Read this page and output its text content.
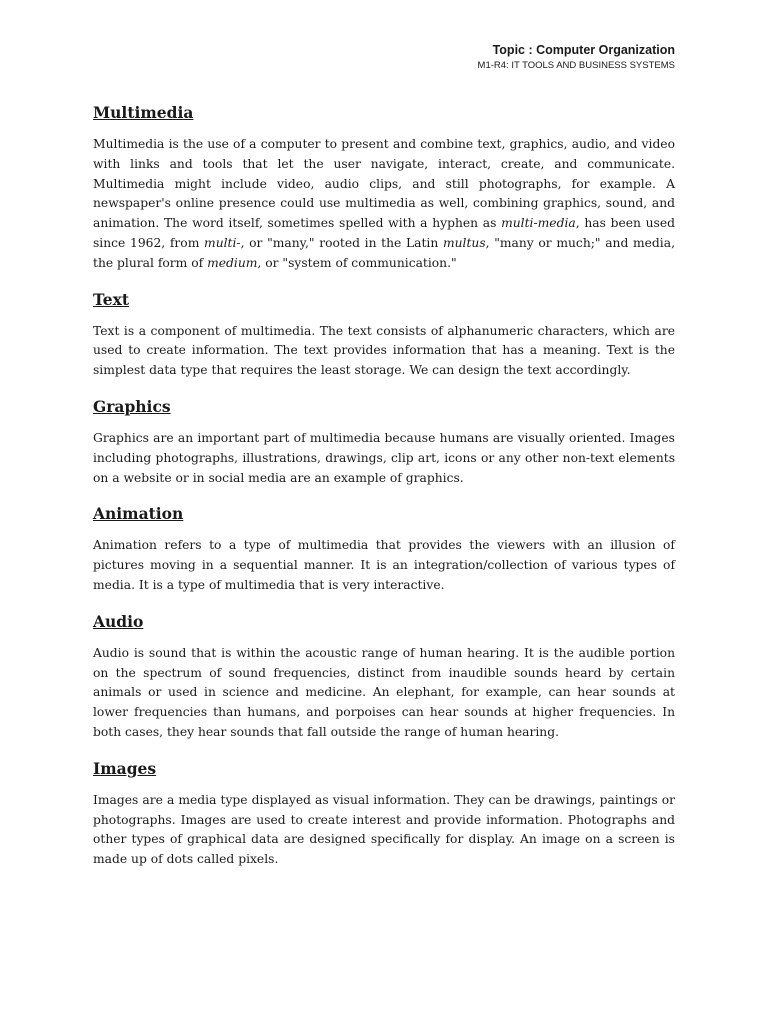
Topic : Computer Organization
M1-R4: IT TOOLS AND BUSINESS SYSTEMS
Multimedia

Multimedia is the use of a computer to present and combine text, graphics, audio, and video with links and tools that let the user navigate, interact, create, and communicate. Multimedia might include video, audio clips, and still photographs, for example. A newspaper's online presence could use multimedia as well, combining graphics, sound, and animation. The word itself, sometimes spelled with a hyphen as multi-media, has been used since 1962, from multi-, or "many," rooted in the Latin multus, "many or much;" and media, the plural form of medium, or "system of communication."

Text

Text is a component of multimedia. The text consists of alphanumeric characters, which are used to create information. The text provides information that has a meaning. Text is the simplest data type that requires the least storage. We can design the text accordingly.

Graphics

Graphics are an important part of multimedia because humans are visually oriented. Images including photographs, illustrations, drawings, clip art, icons or any other non-text elements on a website or in social media are an example of graphics.

Animation

Animation refers to a type of multimedia that provides the viewers with an illusion of pictures moving in a sequential manner. It is an integration/collection of various types of media. It is a type of multimedia that is very interactive.

Audio

Audio is sound that is within the acoustic range of human hearing. It is the audible portion on the spectrum of sound frequencies, distinct from inaudible sounds heard by certain animals or used in science and medicine. An elephant, for example, can hear sounds at lower frequencies than humans, and porpoises can hear sounds at higher frequencies. In both cases, they hear sounds that fall outside the range of human hearing.

Images

Images are a media type displayed as visual information. They can be drawings, paintings or photographs. Images are used to create interest and provide information. Photographs and other types of graphical data are designed specifically for display. An image on a screen is made up of dots called pixels.
